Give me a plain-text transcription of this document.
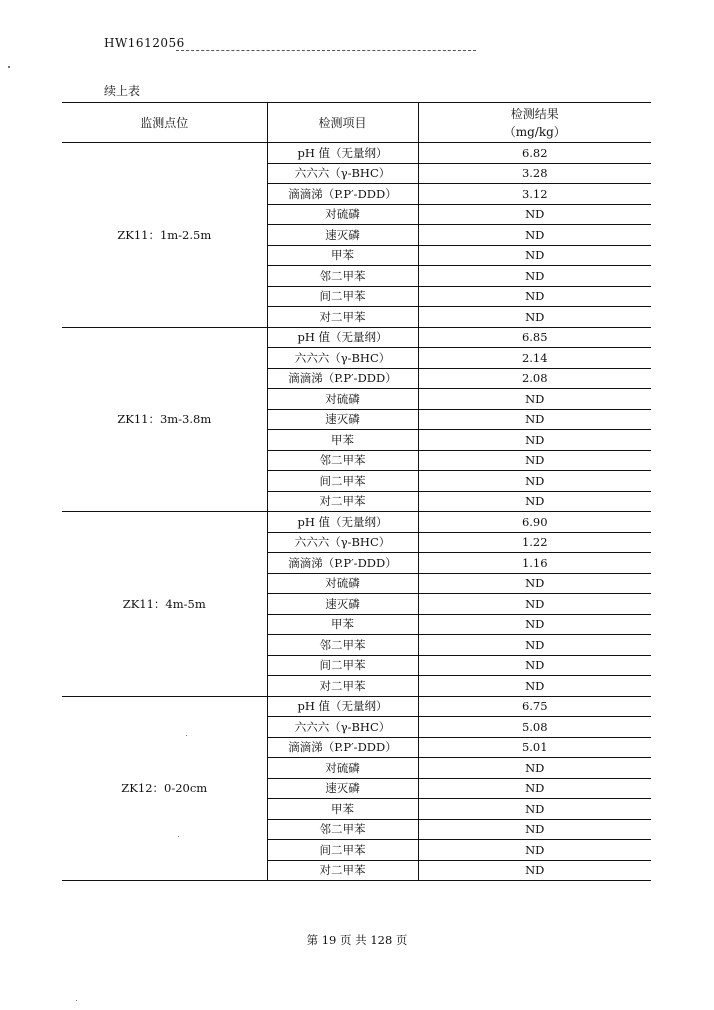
HW1612056
续上表
监测点位	检测项目	检测结果
（mg/kg）

ZK11：1m-2.5m	pH 值（无量纲）	6.82
	六六六（γ-BHC）	3.28
	滴滴涕（P.P′-DDD）	3.12
	对硫磷	ND
	速灭磷	ND
	甲苯	ND
	邻二甲苯	ND
	间二甲苯	ND
	对二甲苯	ND
ZK11：3m-3.8m	pH 值（无量纲）	6.85
	六六六（γ-BHC）	2.14
	滴滴涕（P.P′-DDD）	2.08
	对硫磷	ND
	速灭磷	ND
	甲苯	ND
	邻二甲苯	ND
	间二甲苯	ND
	对二甲苯	ND
ZK11：4m-5m	pH 值（无量纲）	6.90
	六六六（γ-BHC）	1.22
	滴滴涕（P.P′-DDD）	1.16
	对硫磷	ND
	速灭磷	ND
	甲苯	ND
	邻二甲苯	ND
	间二甲苯	ND
	对二甲苯	ND
ZK12：0-20cm	pH 值（无量纲）	6.75
	六六六（γ-BHC）	5.08
	滴滴涕（P.P′-DDD）	5.01
	对硫磷	ND
	速灭磷	ND
	甲苯	ND
	邻二甲苯	ND
	间二甲苯	ND
	对二甲苯	ND
第 19 页 共 128 页
